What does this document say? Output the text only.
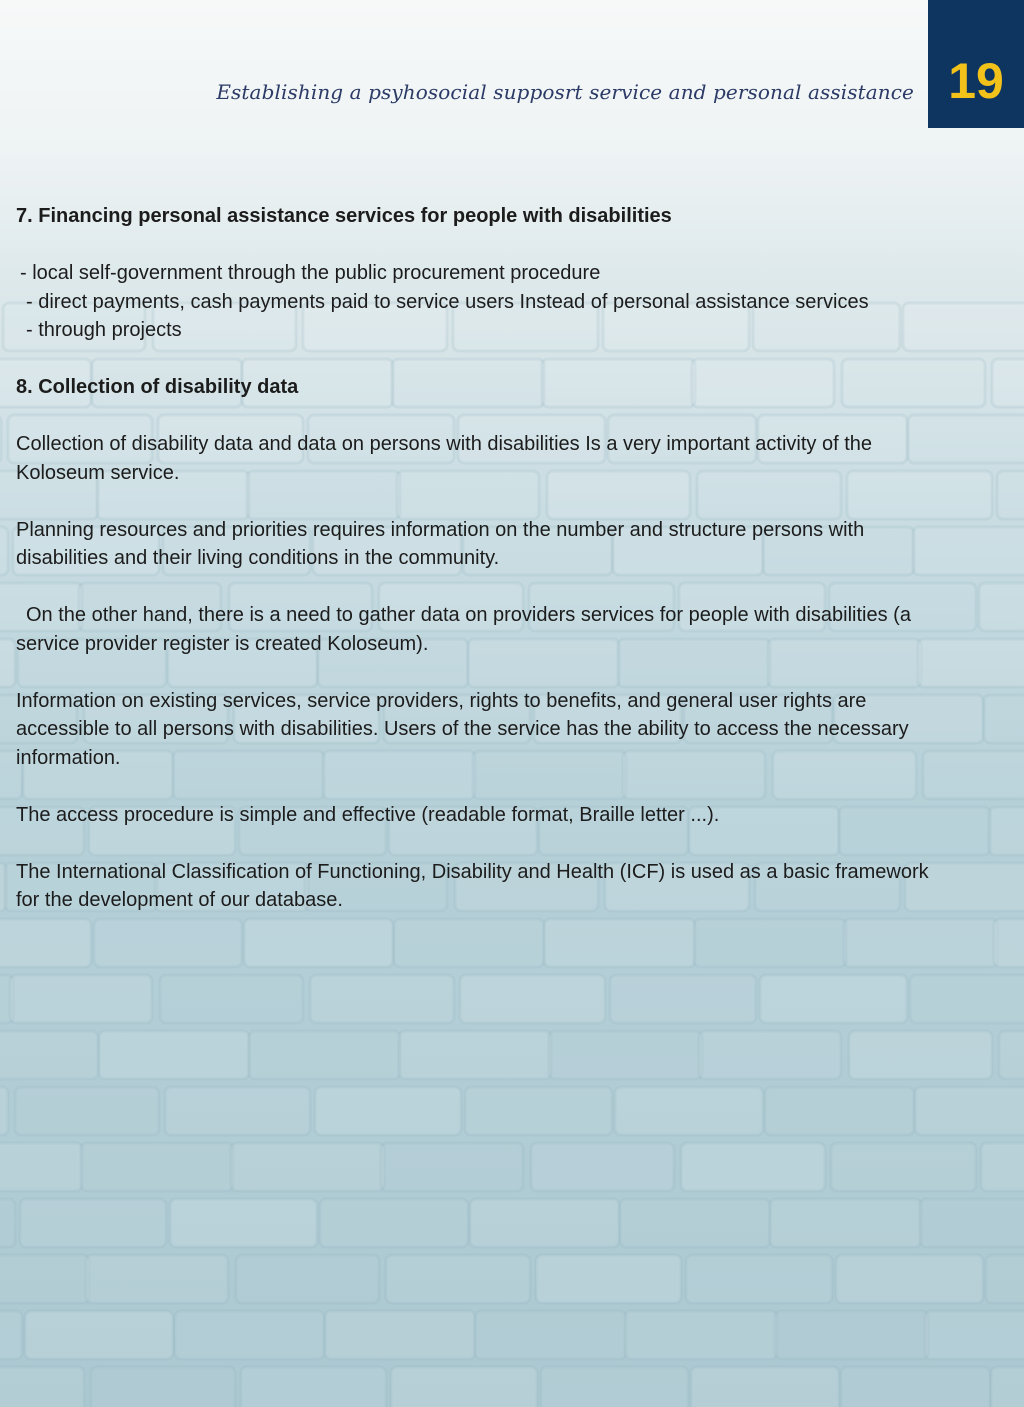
Establishing a psyhosocial supposrt service and personal assistance 19
7. Financing personal assistance services for people with disabilities
- local self-government through the public procurement procedure
- direct payments, cash payments paid to service users Instead of personal assistance services
- through projects
8. Collection of disability data

Collection of disability data and data on persons with disabilities Is a very important activity of the Koloseum service.

Planning resources and priorities requires information on the number and structure persons with disabilities and their living conditions in the community.

On the other hand, there is a need to gather data on providers services for people with disabilities (a service provider register is created Koloseum).

Information on existing services, service providers, rights to benefits, and general user rights are accessible to all persons with disabilities. Users of the service has the ability to access the necessary information.

The access procedure is simple and effective (readable format, Braille letter ...).

The International Classification of Functioning, Disability and Health (ICF) is used as a basic framework for the development of our database.
